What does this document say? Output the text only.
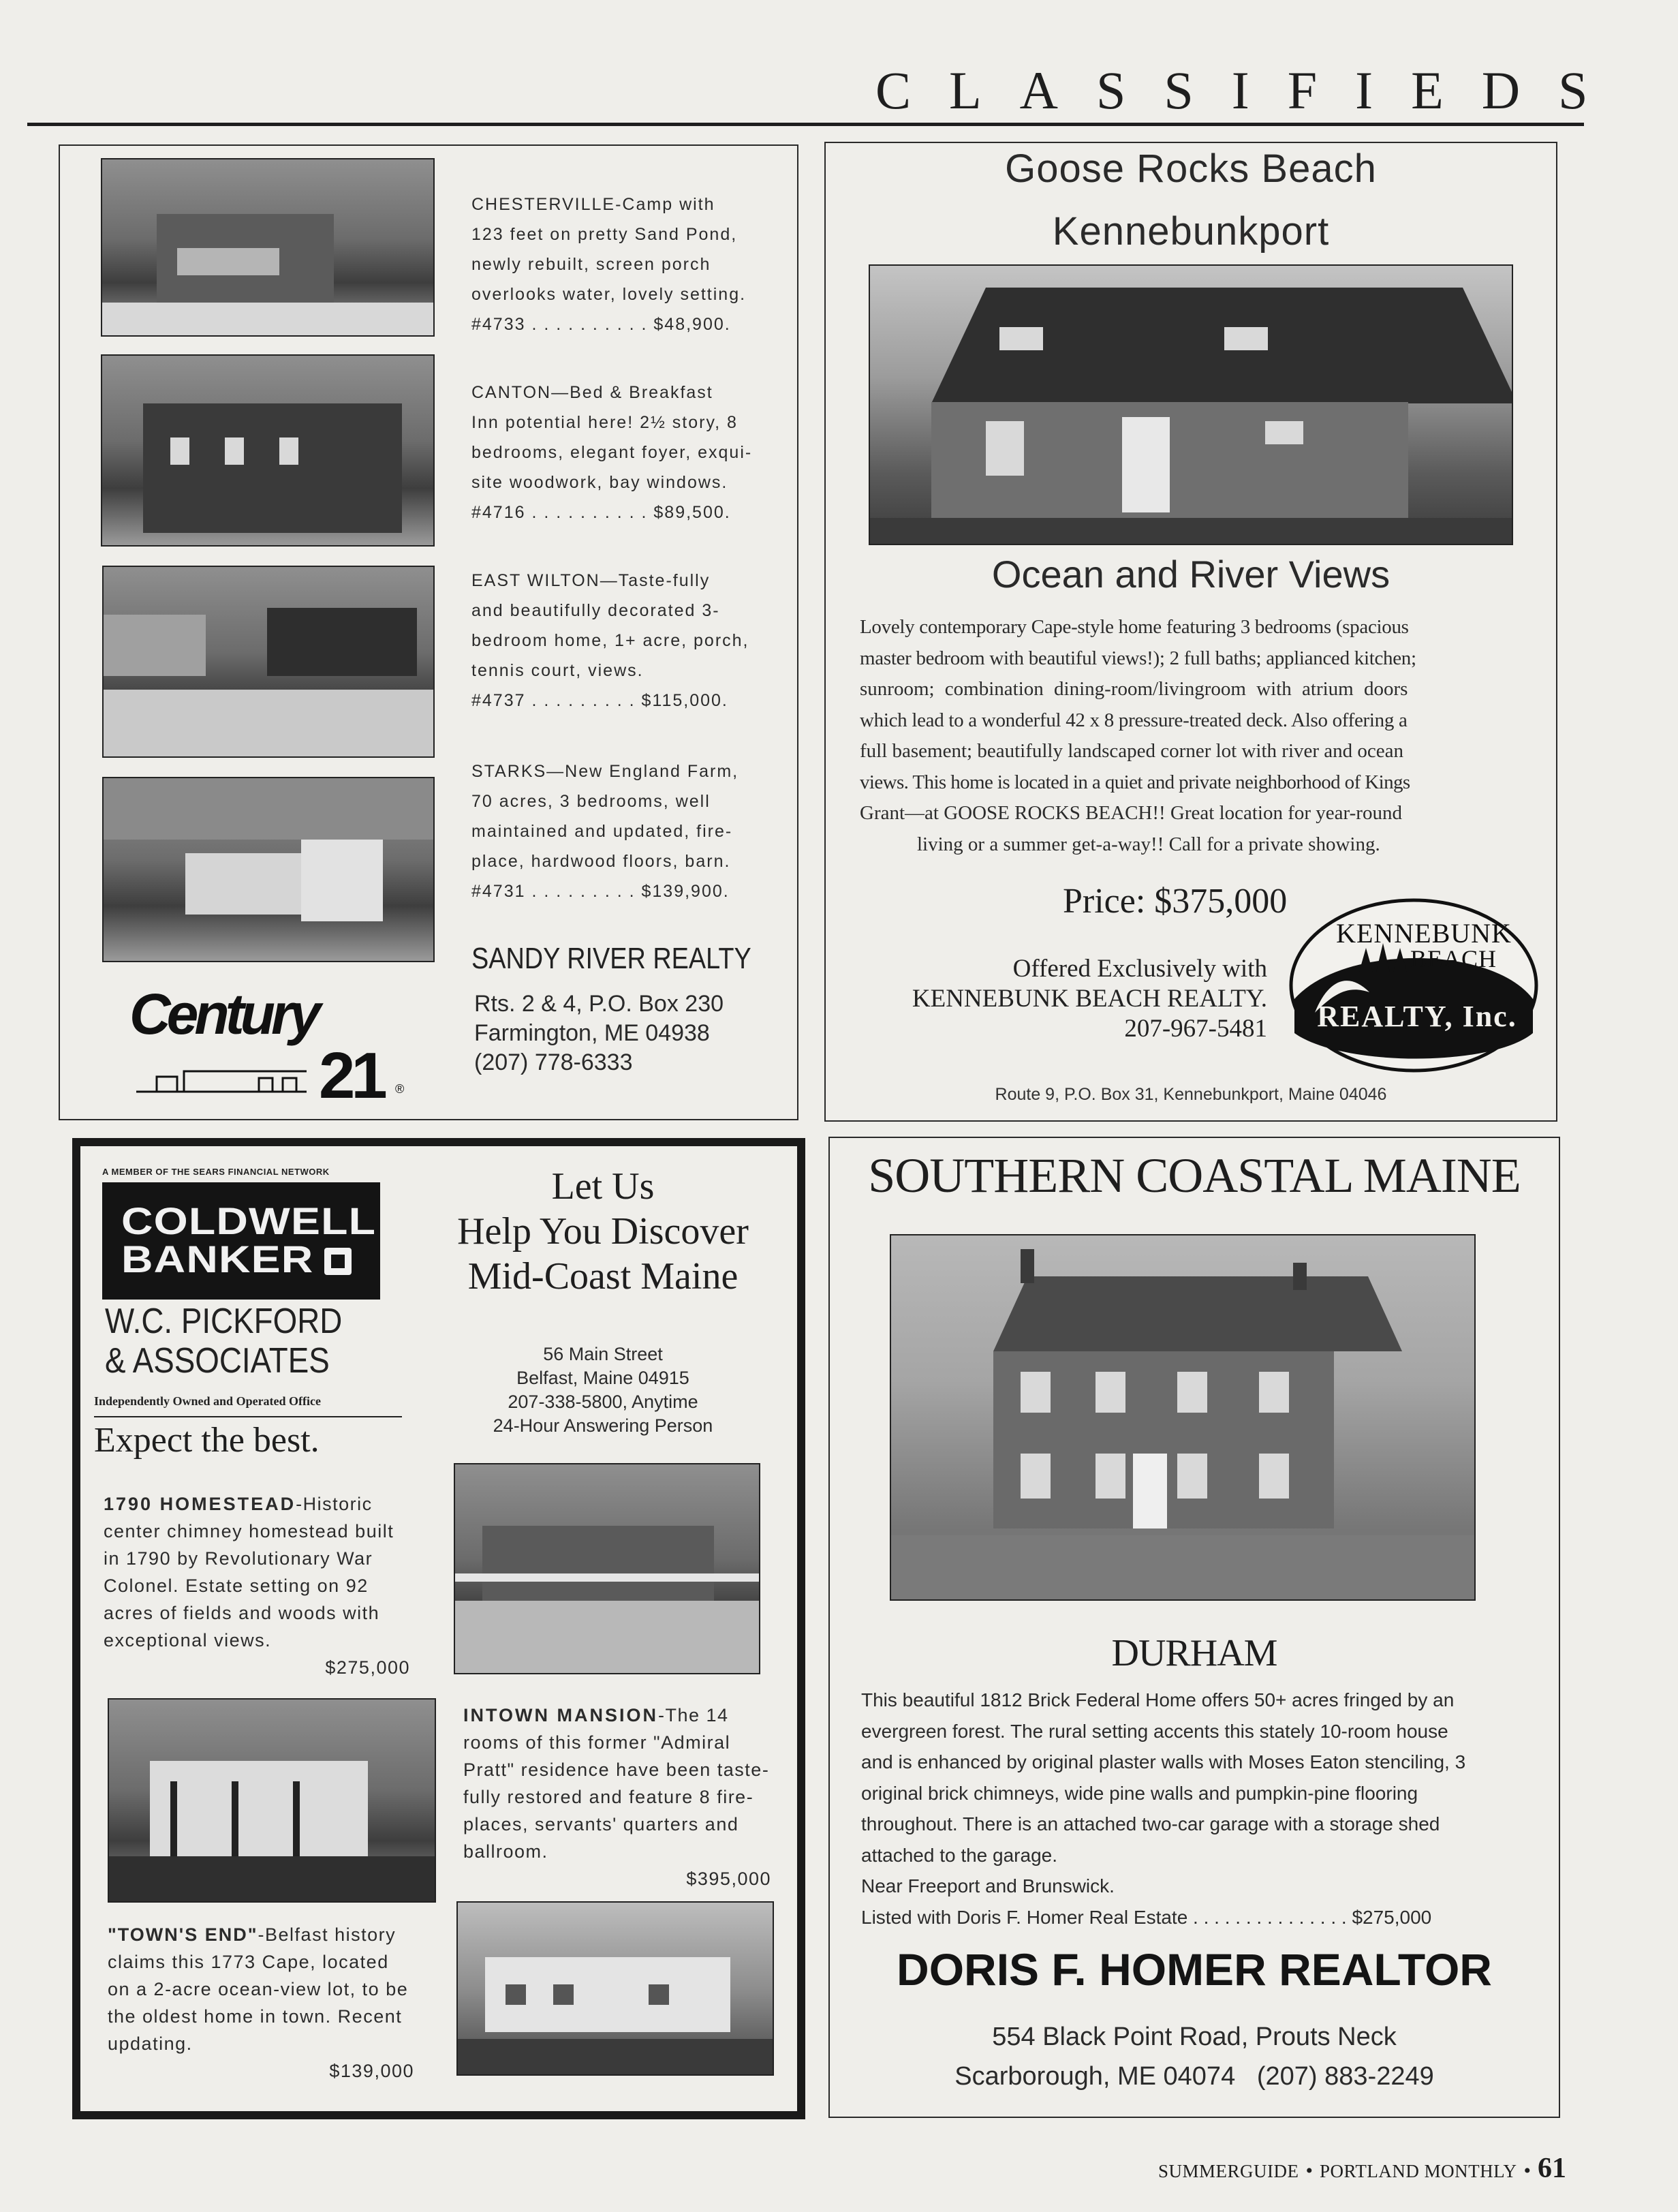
CLASSIFIEDS
CHESTERVILLE-Camp with
123 feet on pretty Sand Pond,
newly rebuilt, screen porch
overlooks water, lovely setting.
#4733 . . . . . . . . . . $48,900.
CANTON—Bed & Breakfast
Inn potential here! 2½ story, 8
bedrooms, elegant foyer, exqui-
site woodwork, bay windows.
#4716 . . . . . . . . . . $89,500.
EAST WILTON—Taste-fully
and beautifully decorated 3-
bedroom home, 1+ acre, porch,
tennis court, views.
#4737 . . . . . . . . . $115,000.
STARKS—New England Farm,
70 acres, 3 bedrooms, well
maintained and updated, fire-
place, hardwood floors, barn.
#4731 . . . . . . . . . $139,900.
SANDY RIVER REALTY
Rts. 2 & 4, P.O. Box 230
Farmington, ME 04938
(207) 778-6333
Century
21 ®
Goose Rocks Beach
Kennebunkport
Ocean and River Views
Lovely contemporary Cape-style home featuring 3 bedrooms (spacious
master bedroom with beautiful views!); 2 full baths; applianced kitchen;
sunroom; combination dining-room/livingroom with atrium doors
which lead to a wonderful 42 x 8 pressure-treated deck. Also offering a
full basement; beautifully landscaped corner lot with river and ocean
views. This home is located in a quiet and private neighborhood of Kings
Grant—at GOOSE ROCKS BEACH!! Great location for year-round
living or a summer get-a-way!! Call for a private showing.
Price: $375,000
Offered Exclusively with
KENNEBUNK BEACH REALTY.
207-967-5481
KENNEBUNK
BEACH
REALTY, Inc.
Route 9, P.O. Box 31, Kennebunkport, Maine 04046
A MEMBER OF THE SEARS FINANCIAL NETWORK
COLDWELL
BANKER
W.C. PICKFORD
& ASSOCIATES
Independently Owned and Operated Office
Expect the best.
Let Us
Help You Discover
Mid-Coast Maine
56 Main Street
Belfast, Maine 04915
207-338-5800, Anytime
24-Hour Answering Person
1790 HOMESTEAD-Historic
center chimney homestead built
in 1790 by Revolutionary War
Colonel. Estate setting on 92
acres of fields and woods with
exceptional views.
$275,000
INTOWN MANSION-The 14
rooms of this former "Admiral
Pratt" residence have been taste-
fully restored and feature 8 fire-
places, servants' quarters and
ballroom.
$395,000
"TOWN'S END"-Belfast history
claims this 1773 Cape, located
on a 2-acre ocean-view lot, to be
the oldest home in town. Recent
updating.
$139,000
SOUTHERN COASTAL MAINE
DURHAM
This beautiful 1812 Brick Federal Home offers 50+ acres fringed by an
evergreen forest. The rural setting accents this stately 10-room house
and is enhanced by original plaster walls with Moses Eaton stenciling, 3
original brick chimneys, wide pine walls and pumpkin-pine flooring
throughout. There is an attached two-car garage with a storage shed
attached to the garage.
Near Freeport and Brunswick.
Listed with Doris F. Homer Real Estate . . . . . . . . . . . . . . . $275,000
DORIS F. HOMER REALTOR
554 Black Point Road, Prouts Neck
Scarborough, ME 04074   (207) 883-2249
SUMMERGUIDE • PORTLAND MONTHLY • 61
